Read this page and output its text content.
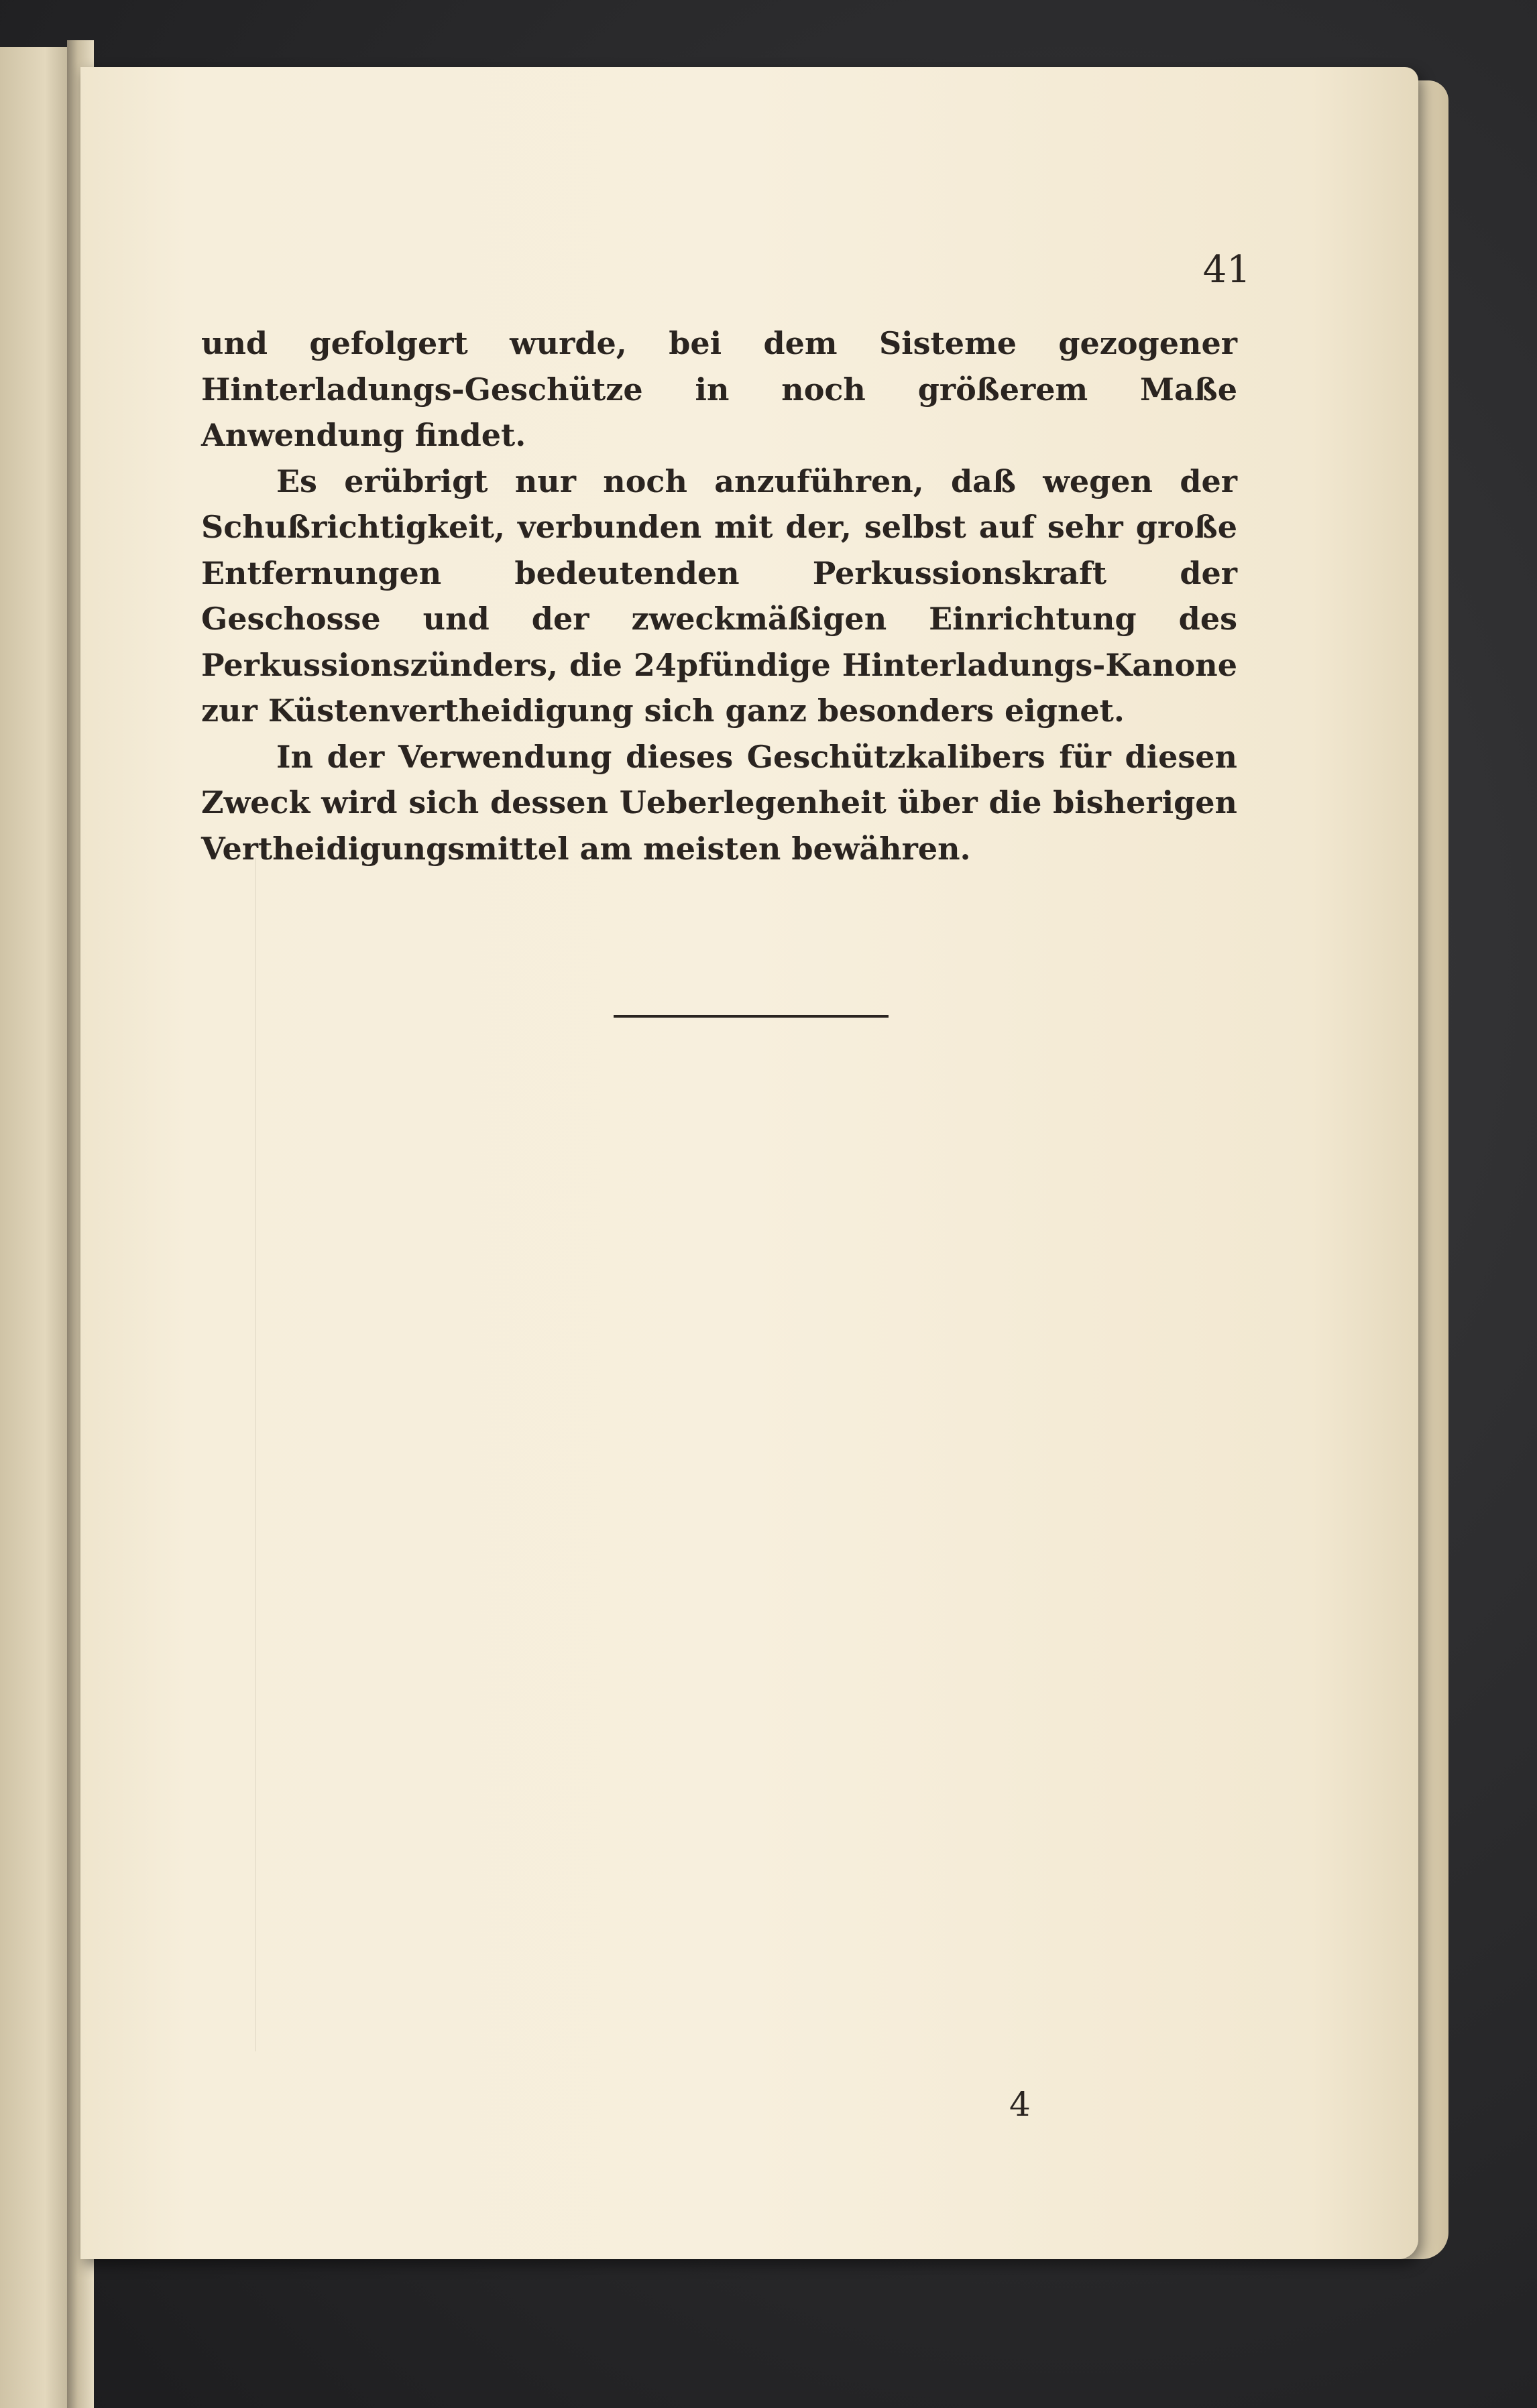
41

und gefolgert wurde, bei dem Sisteme gezogener Hinterladungs-Geschütze in noch größerem Maße Anwendung findet.

Es erübrigt nur noch anzuführen, daß wegen der Schußrichtigkeit, verbunden mit der, selbst auf sehr große Entfernungen bedeutenden Perkussionskraft der Geschosse und der zweckmäßigen Einrichtung des Perkussionszünders, die 24pfündige Hinterladungs-Kanone zur Küstenvertheidigung sich ganz besonders eignet.

In der Verwendung dieses Geschützkalibers für diesen Zweck wird sich dessen Ueberlegenheit über die bisherigen Vertheidigungsmittel am meisten bewähren.

4
